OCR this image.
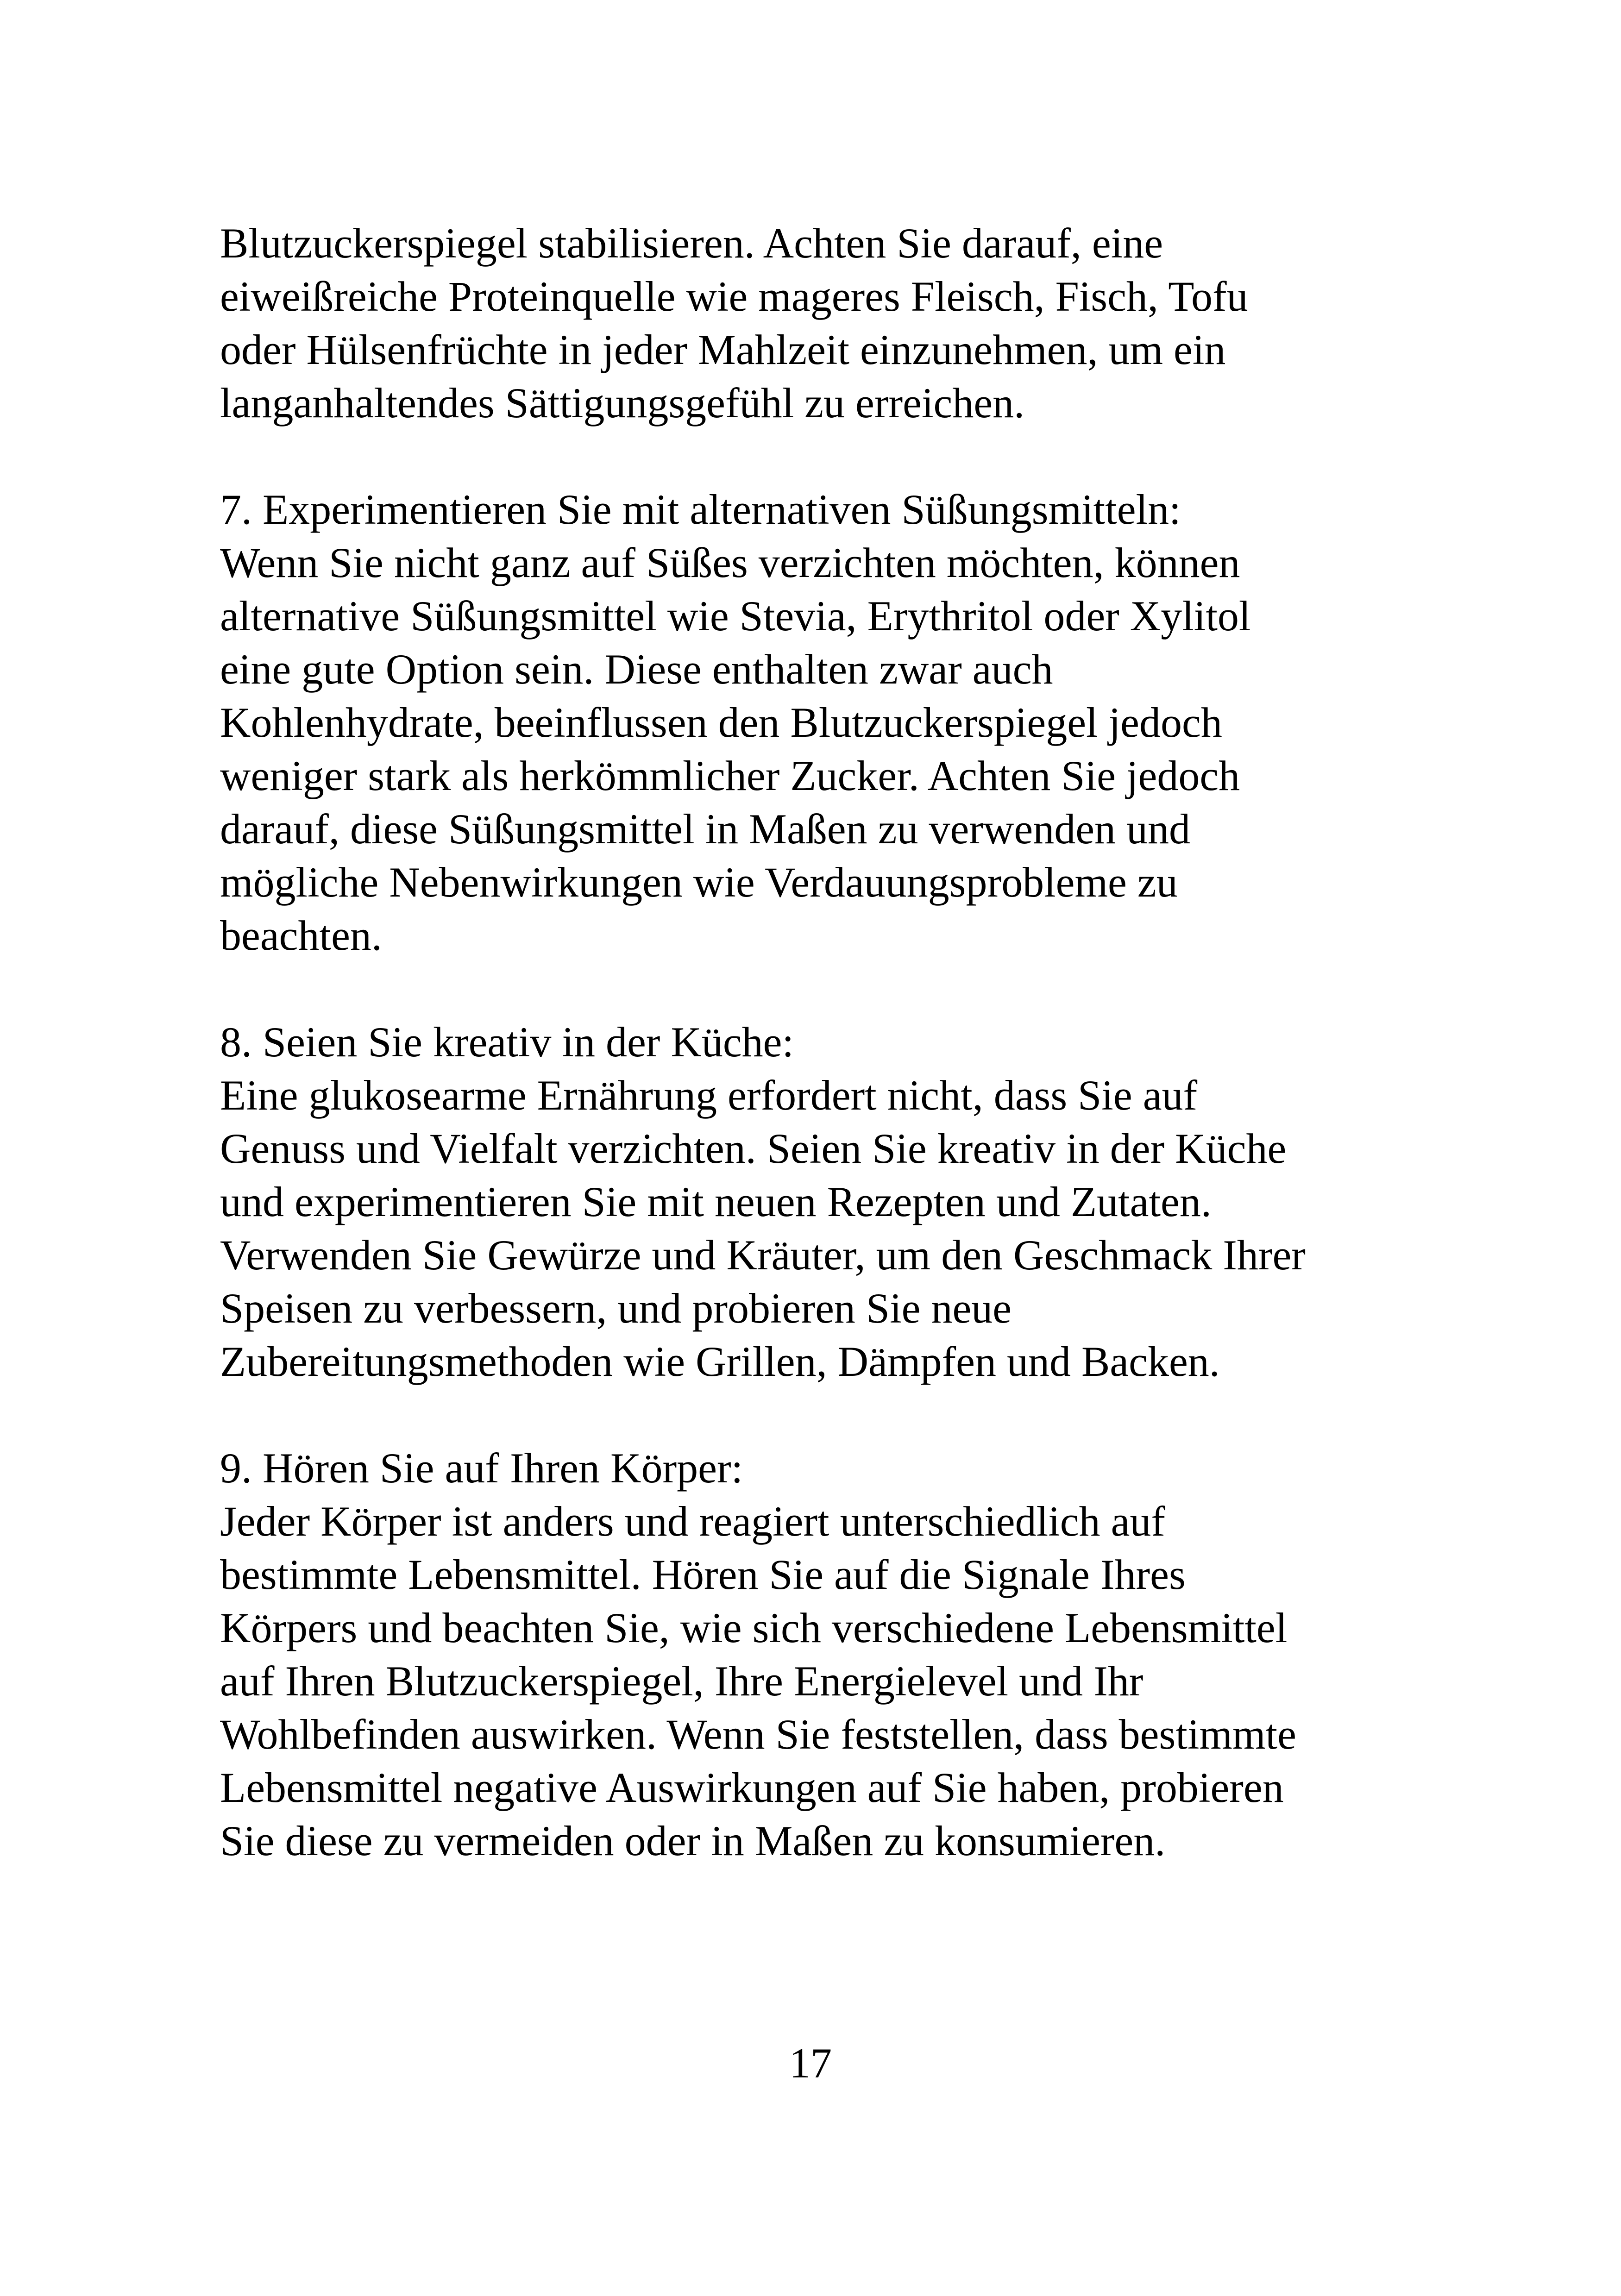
Blutzuckerspiegel stabilisieren. Achten Sie darauf, eine
eiweißreiche Proteinquelle wie mageres Fleisch, Fisch, Tofu
oder Hülsenfrüchte in jeder Mahlzeit einzunehmen, um ein
langanhaltendes Sättigungsgefühl zu erreichen.
7. Experimentieren Sie mit alternativen Süßungsmitteln:
Wenn Sie nicht ganz auf Süßes verzichten möchten, können
alternative Süßungsmittel wie Stevia, Erythritol oder Xylitol
eine gute Option sein. Diese enthalten zwar auch
Kohlenhydrate, beeinflussen den Blutzuckerspiegel jedoch
weniger stark als herkömmlicher Zucker. Achten Sie jedoch
darauf, diese Süßungsmittel in Maßen zu verwenden und
mögliche Nebenwirkungen wie Verdauungsprobleme zu
beachten.
8. Seien Sie kreativ in der Küche:
Eine glukosearme Ernährung erfordert nicht, dass Sie auf
Genuss und Vielfalt verzichten. Seien Sie kreativ in der Küche
und experimentieren Sie mit neuen Rezepten und Zutaten.
Verwenden Sie Gewürze und Kräuter, um den Geschmack Ihrer
Speisen zu verbessern, und probieren Sie neue
Zubereitungsmethoden wie Grillen, Dämpfen und Backen.
9. Hören Sie auf Ihren Körper:
Jeder Körper ist anders und reagiert unterschiedlich auf
bestimmte Lebensmittel. Hören Sie auf die Signale Ihres
Körpers und beachten Sie, wie sich verschiedene Lebensmittel
auf Ihren Blutzuckerspiegel, Ihre Energielevel und Ihr
Wohlbefinden auswirken. Wenn Sie feststellen, dass bestimmte
Lebensmittel negative Auswirkungen auf Sie haben, probieren
Sie diese zu vermeiden oder in Maßen zu konsumieren.
17
